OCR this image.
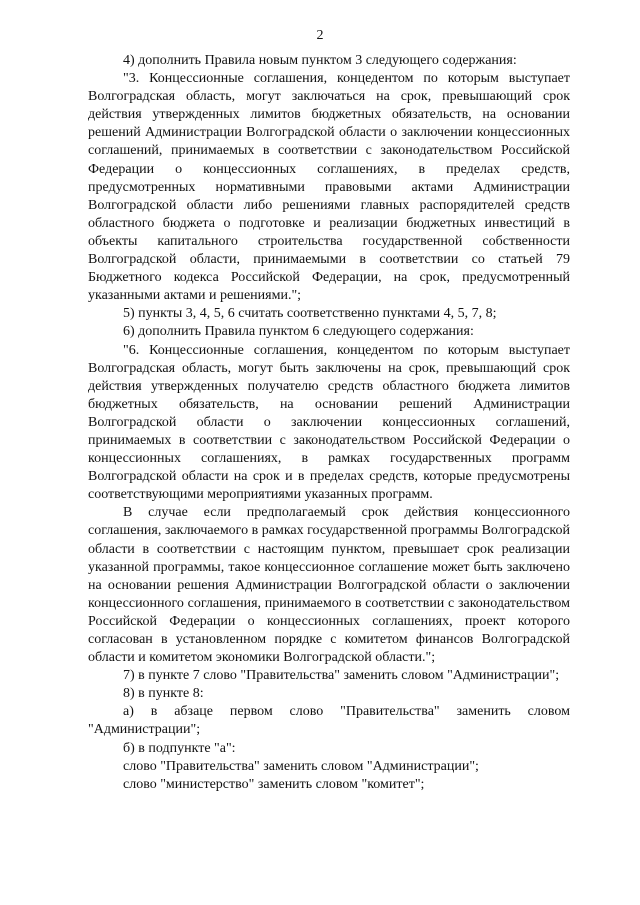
2

4) дополнить Правила новым пунктом 3 следующего содержания:

"3. Концессионные соглашения, концедентом по которым выступает Волгоградская область, могут заключаться на срок, превышающий срок действия утвержденных лимитов бюджетных обязательств, на основании решений Администрации Волгоградской области о заключении концессионных соглашений, принимаемых в соответствии с законодательством Российской Федерации о концессионных соглашениях, в пределах средств, предусмотренных нормативными правовыми актами Администрации Волгоградской области либо решениями главных распорядителей средств областного бюджета о подготовке и реализации бюджетных инвестиций в объекты капитального строительства государственной собственности Волгоградской области, принимаемыми в соответствии со статьей 79 Бюджетного кодекса Российской Федерации, на срок, предусмотренный указанными актами и решениями.";

5) пункты 3, 4, 5, 6 считать соответственно пунктами 4, 5, 7, 8;

6) дополнить Правила пунктом 6 следующего содержания:

"6. Концессионные соглашения, концедентом по которым выступает Волгоградская область, могут быть заключены на срок, превышающий срок действия утвержденных получателю средств областного бюджета лимитов бюджетных обязательств, на основании решений Администрации Волгоградской области о заключении концессионных соглашений, принимаемых в соответствии с законодательством Российской Федерации о концессионных соглашениях, в рамках государственных программ Волгоградской области на срок и в пределах средств, которые предусмотрены соответствующими мероприятиями указанных программ.

В случае если предполагаемый срок действия концессионного соглашения, заключаемого в рамках государственной программы Волгоградской области в соответствии с настоящим пунктом, превышает срок реализации указанной программы, такое концессионное соглашение может быть заключено на основании решения Администрации Волгоградской области о заключении концессионного соглашения, принимаемого в соответствии с законодательством Российской Федерации о концессионных соглашениях, проект которого согласован в установленном порядке с комитетом финансов Волгоградской области и комитетом экономики Волгоградской области.";

7) в пункте 7 слово "Правительства" заменить словом "Администрации";

8) в пункте 8:

а) в абзаце первом слово "Правительства" заменить словом "Администрации";

б) в подпункте "а":

слово "Правительства" заменить словом "Администрации";

слово "министерство" заменить словом "комитет";
